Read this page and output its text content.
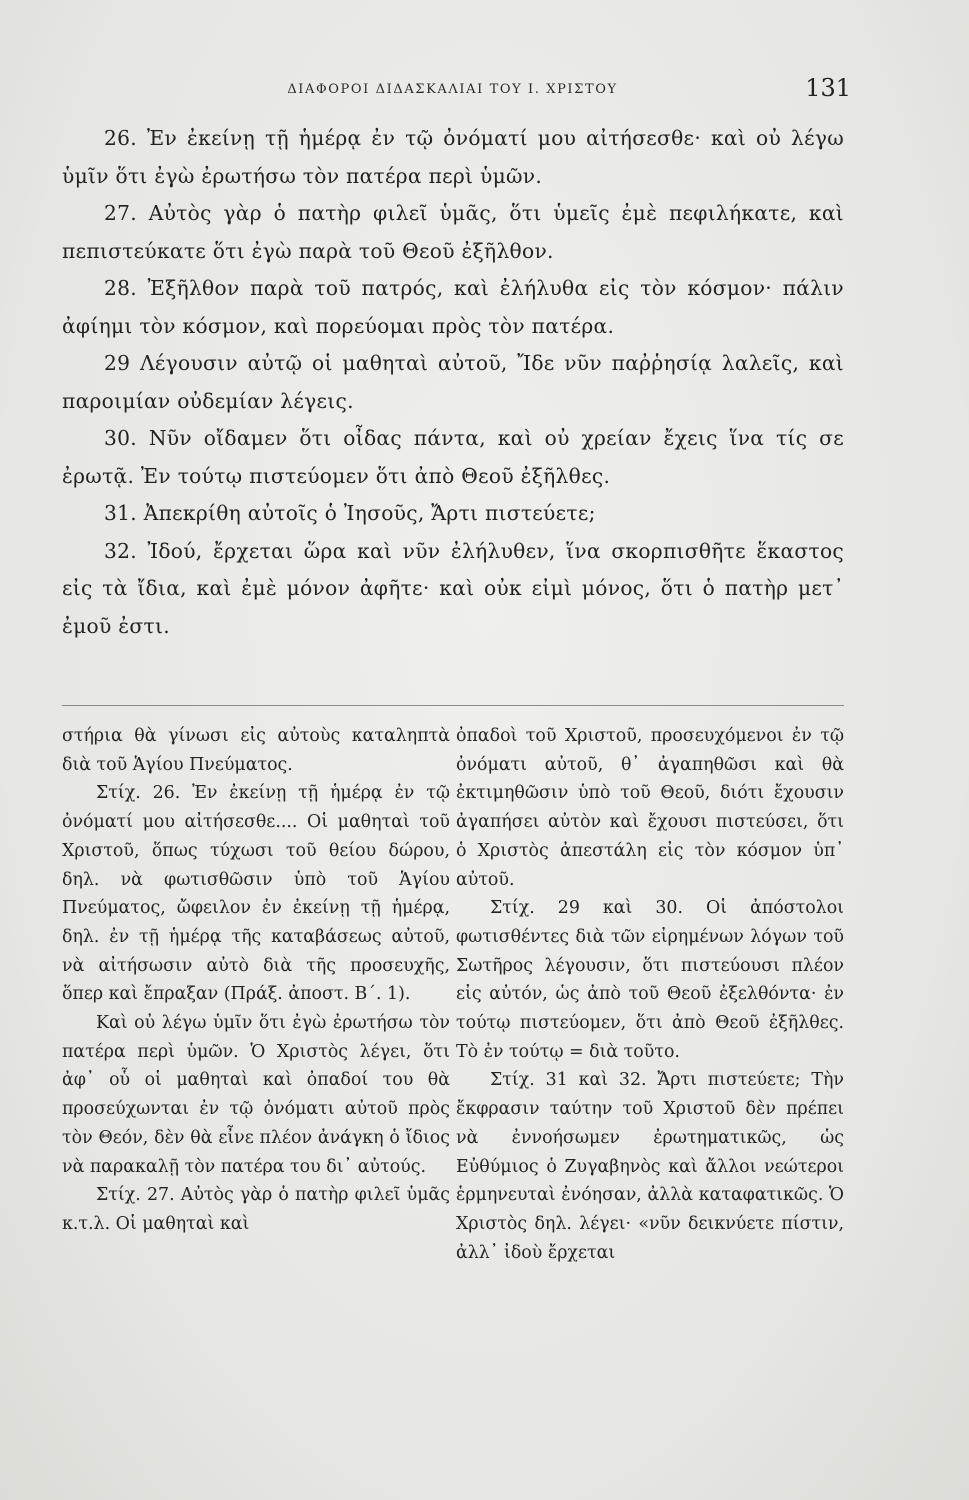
ΔΙΑΦΟΡΟΙ ΔΙΔΑΣΚΑΛΙΑΙ ΤΟΥ Ι. ΧΡΙΣΤΟΥ	131

26. Ἐν ἐκείνῃ τῇ ἡμέρᾳ ἐν τῷ ὀνόματί μου αἰτήσεσθε· καὶ οὐ λέγω ὑμῖν ὅτι ἐγὼ ἐρωτήσω τὸν πατέρα περὶ ὑμῶν.

27. Αὐτὸς γὰρ ὁ πατὴρ φιλεῖ ὑμᾶς, ὅτι ὑμεῖς ἐμὲ πεφιλήκατε, καὶ πεπιστεύκατε ὅτι ἐγὼ παρὰ τοῦ Θεοῦ ἐξῆλθον.

28. Ἐξῆλθον παρὰ τοῦ πατρός, καὶ ἐλήλυθα εἰς τὸν κόσμον· πάλιν ἀφίημι τὸν κόσμον, καὶ πορεύομαι πρὸς τὸν πατέρα.

29 Λέγουσιν αὐτῷ οἱ μαθηταὶ αὐτοῦ, Ἴδε νῦν παῤῥησίᾳ λαλεῖς, καὶ παροιμίαν οὐδεμίαν λέγεις.

30. Νῦν οἴδαμεν ὅτι οἶδας πάντα, καὶ οὐ χρείαν ἔχεις ἵνα τίς σε ἐρωτᾷ. Ἐν τούτῳ πιστεύομεν ὅτι ἀπὸ Θεοῦ ἐξῆλθες.

31. Ἀπεκρίθη αὐτοῖς ὁ Ἰησοῦς, Ἄρτι πιστεύετε;

32. Ἰδού, ἔρχεται ὥρα καὶ νῦν ἐλήλυθεν, ἵνα σκορπισθῆτε ἕκαστος εἰς τὰ ἴδια, καὶ ἐμὲ μόνον ἀφῆτε· καὶ οὐκ εἰμὶ μόνος, ὅτι ὁ πατὴρ μετ᾽ ἐμοῦ ἐστι.

στήρια θὰ γίνωσι εἰς αὐτοὺς καταληπτὰ διὰ τοῦ Ἁγίου Πνεύματος.

Στίχ. 26. Ἐν ἐκείνῃ τῇ ἡμέρᾳ ἐν τῷ ὀνόματί μου αἰτήσεσθε.... Οἱ μαθηταὶ τοῦ Χριστοῦ, ὅπως τύχωσι τοῦ θείου δώρου, δηλ. νὰ φωτισθῶσιν ὑπὸ τοῦ Ἁγίου Πνεύματος, ὤφειλον ἐν ἐκείνῃ τῇ ἡμέρᾳ, δηλ. ἐν τῇ ἡμέρᾳ τῆς καταβάσεως αὐτοῦ, νὰ αἰτήσωσιν αὐτὸ διὰ τῆς προσευχῆς, ὅπερ καὶ ἔπραξαν (Πράξ. ἀποστ. Β´. 1).

Καὶ οὐ λέγω ὑμῖν ὅτι ἐγὼ ἐρωτήσω τὸν πατέρα περὶ ὑμῶν. Ὁ Χριστὸς λέγει, ὅτι ἀφ᾽ οὗ οἱ μαθηταὶ καὶ ὀπαδοί του θὰ προσεύχωνται ἐν τῷ ὀνόματι αὐτοῦ πρὸς τὸν Θεόν, δὲν θὰ εἶνε πλέον ἀνάγκη ὁ ἴδιος νὰ παρακαλῇ τὸν πατέρα του δι᾽ αὐτούς.

Στίχ. 27. Αὐτὸς γὰρ ὁ πατὴρ φιλεῖ ὑμᾶς κ.τ.λ. Οἱ μαθηταὶ καὶ

ὀπαδοὶ τοῦ Χριστοῦ, προσευχόμενοι ἐν τῷ ὀνόματι αὐτοῦ, θ᾽ ἀγαπηθῶσι καὶ θὰ ἐκτιμηθῶσιν ὑπὸ τοῦ Θεοῦ, διότι ἔχουσιν ἀγαπήσει αὐτὸν καὶ ἔχουσι πιστεύσει, ὅτι ὁ Χριστὸς ἀπεστάλη εἰς τὸν κόσμον ὑπ᾽ αὐτοῦ.

Στίχ. 29 καὶ 30. Οἱ ἀπόστολοι φωτισθέντες διὰ τῶν εἰρημένων λόγων τοῦ Σωτῆρος λέγουσιν, ὅτι πιστεύουσι πλέον εἰς αὐτόν, ὡς ἀπὸ τοῦ Θεοῦ ἐξελθόντα· ἐν τούτῳ πιστεύομεν, ὅτι ἀπὸ Θεοῦ ἐξῆλθες. Τὸ ἐν τούτῳ = διὰ τοῦτο.

Στίχ. 31 καὶ 32. Ἄρτι πιστεύετε; Τὴν ἔκφρασιν ταύτην τοῦ Χριστοῦ δὲν πρέπει νὰ ἐννοήσωμεν ἐρωτηματικῶς, ὡς Εὐθύμιος ὁ Ζυγαβηνὸς καὶ ἄλλοι νεώτεροι ἑρμηνευταὶ ἐνόησαν, ἀλλὰ καταφατικῶς. Ὁ Χριστὸς δηλ. λέγει· «νῦν δεικνύετε πίστιν, ἀλλ᾽ ἰδοὺ ἔρχεται
